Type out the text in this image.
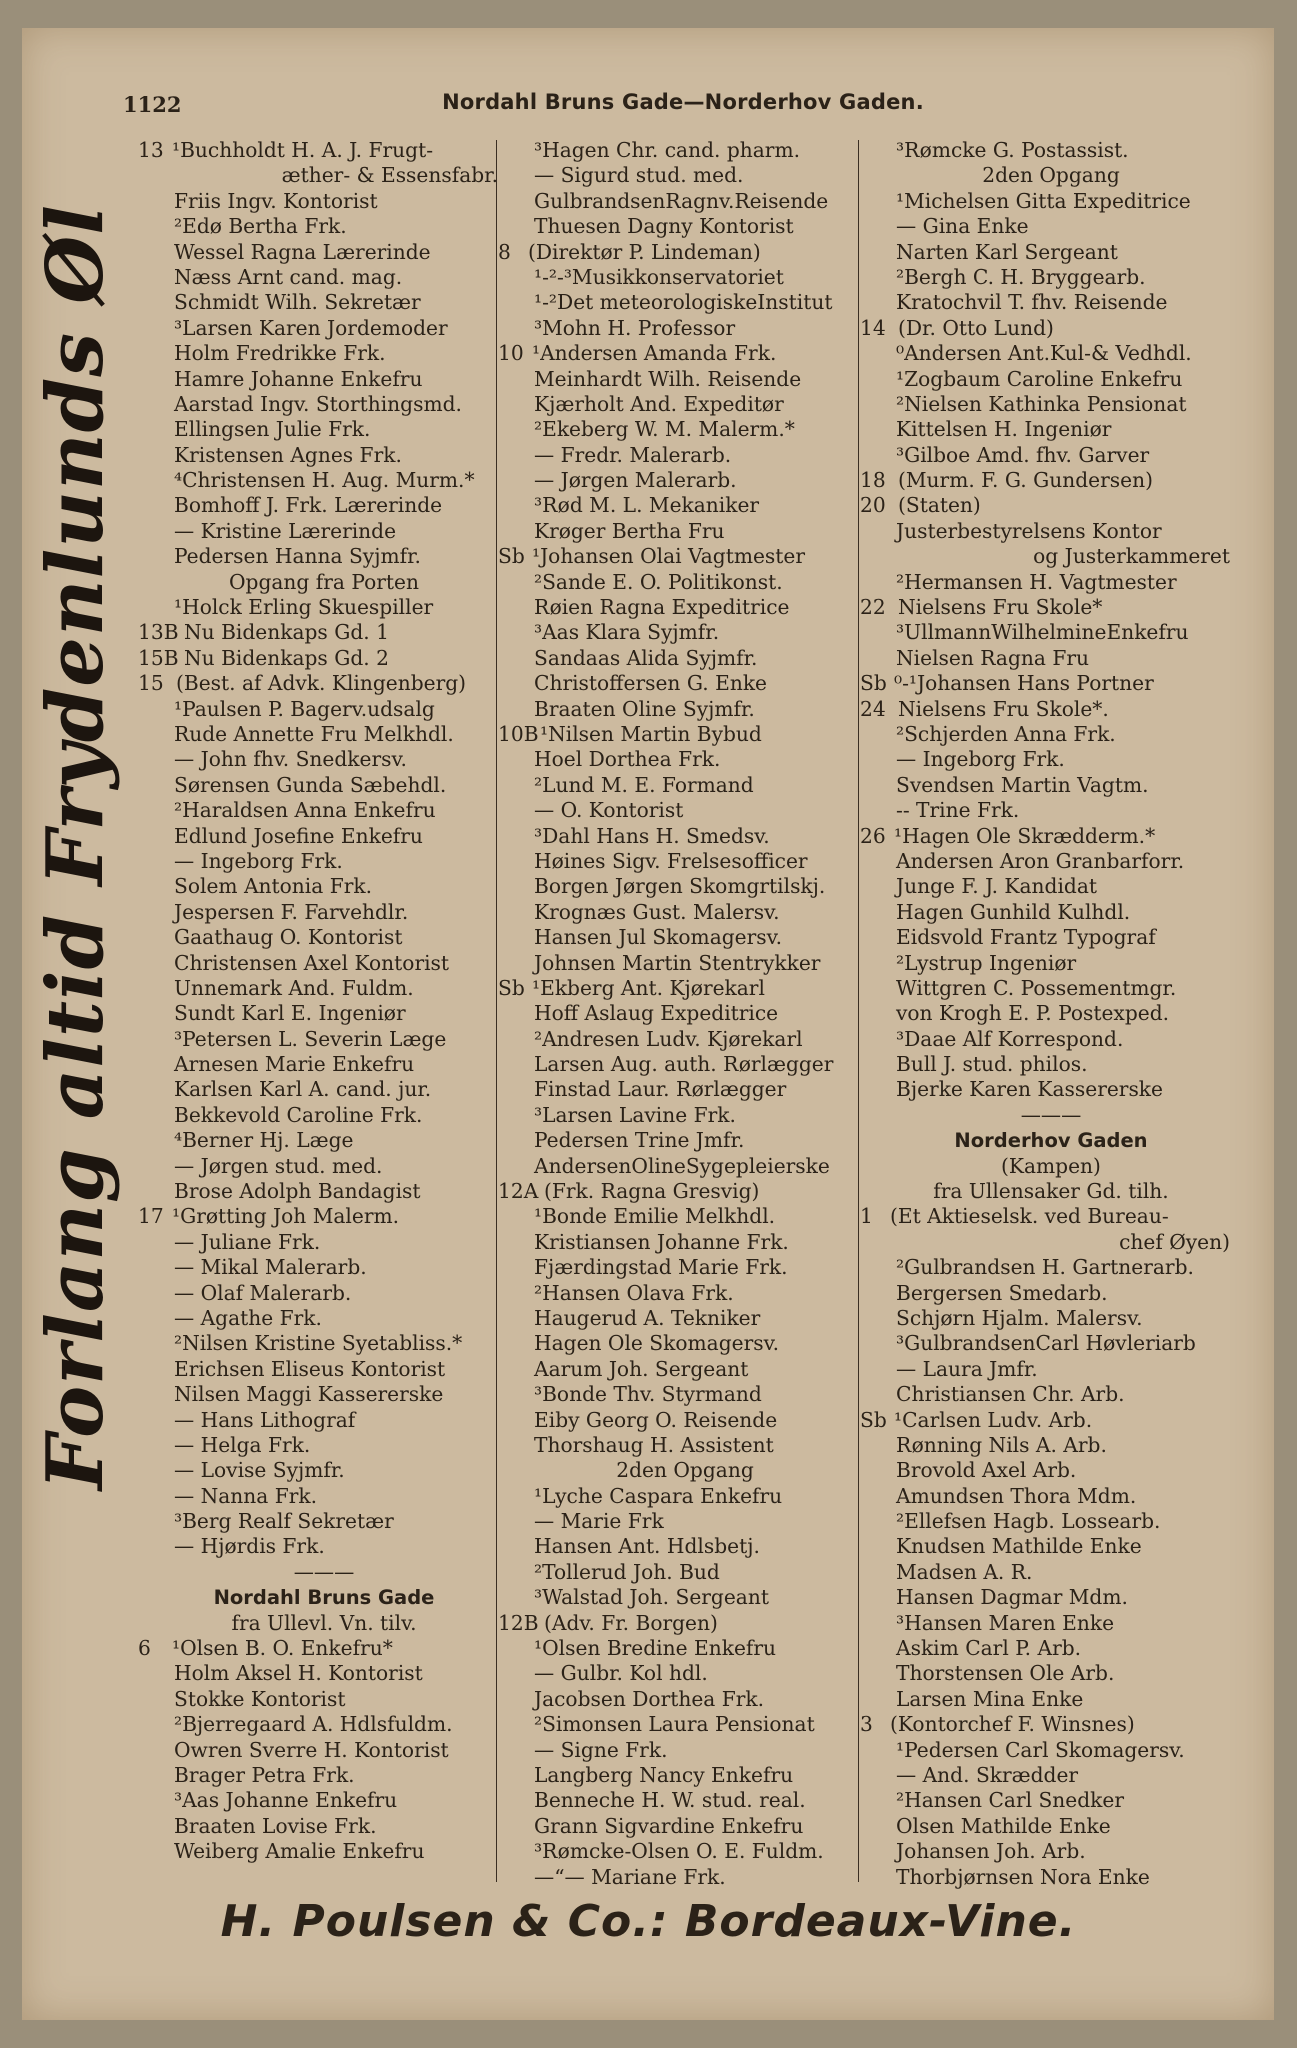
1122	Nordahl Bruns Gade—Norderhov Gaden.
Forlang altid Frydenlunds Øl
13 ¹Buchholdt H. A. J. Frugt-
æther- & Essensfabr.
Friis Ingv. Kontorist
²Edø Bertha Frk.
Wessel Ragna Lærerinde
Næss Arnt cand. mag.
Schmidt Wilh. Sekretær
³Larsen Karen Jordemoder
Holm Fredrikke Frk.
Hamre Johanne Enkefru
Aarstad Ingv. Storthingsmd.
Ellingsen Julie Frk.
Kristensen Agnes Frk.
⁴Christensen H. Aug. Murm.*
Bomhoff J. Frk. Lærerinde
— Kristine Lærerinde
Pedersen Hanna Syjmfr.
Opgang fra Porten
¹Holck Erling Skuespiller
13B Nu Bidenkaps Gd. 1
15B Nu Bidenkaps Gd. 2
15 (Best. af Advk. Klingenberg)
¹Paulsen P. Bagerv.udsalg
Rude Annette Fru Melkhdl.
— John fhv. Snedkersv.
Sørensen Gunda Sæbehdl.
²Haraldsen Anna Enkefru
Edlund Josefine Enkefru
— Ingeborg Frk.
Solem Antonia Frk.
Jespersen F. Farvehdlr.
Gaathaug O. Kontorist
Christensen Axel Kontorist
Unnemark And. Fuldm.
Sundt Karl E. Ingeniør
³Petersen L. Severin Læge
Arnesen Marie Enkefru
Karlsen Karl A. cand. jur.
Bekkevold Caroline Frk.
⁴Berner Hj. Læge
— Jørgen stud. med.
Brose Adolph Bandagist
17 ¹Grøtting Joh Malerm.
— Juliane Frk.
— Mikal Malerarb.
— Olaf Malerarb.
— Agathe Frk.
²Nilsen Kristine Syetabliss.*
Erichsen Eliseus Kontorist
Nilsen Maggi Kassererske
— Hans Lithograf
— Helga Frk.
— Lovise Syjmfr.
— Nanna Frk.
³Berg Realf Sekretær
— Hjørdis Frk.
———
Nordahl Bruns Gade
fra Ullevl. Vn. tilv.
6 ¹Olsen B. O. Enkefru*
Holm Aksel H. Kontorist
Stokke Kontorist
²Bjerregaard A. Hdlsfuldm.
Owren Sverre H. Kontorist
Brager Petra Frk.
³Aas Johanne Enkefru
Braaten Lovise Frk.
Weiberg Amalie Enkefru
³Hagen Chr. cand. pharm.
— Sigurd stud. med.
GulbrandsenRagnv.Reisende
Thuesen Dagny Kontorist
8 (Direktør P. Lindeman)
¹-²-³Musikkonservatoriet
¹-²Det meteorologiskeInstitut
³Mohn H. Professor
10 ¹Andersen Amanda Frk.
Meinhardt Wilh. Reisende
Kjærholt And. Expeditør
²Ekeberg W. M. Malerm.*
— Fredr. Malerarb.
— Jørgen Malerarb.
³Rød M. L. Mekaniker
Krøger Bertha Fru
Sb ¹Johansen Olai Vagtmester
²Sande E. O. Politikonst.
Røien Ragna Expeditrice
³Aas Klara Syjmfr.
Sandaas Alida Syjmfr.
Christoffersen G. Enke
Braaten Oline Syjmfr.
10B ¹Nilsen Martin Bybud
Hoel Dorthea Frk.
²Lund M. E. Formand
— O. Kontorist
³Dahl Hans H. Smedsv.
Høines Sigv. Frelsesofficer
Borgen Jørgen Skomgrtilskj.
Krognæs Gust. Malersv.
Hansen Jul Skomagersv.
Johnsen Martin Stentrykker
Sb ¹Ekberg Ant. Kjørekarl
Hoff Aslaug Expeditrice
²Andresen Ludv. Kjørekarl
Larsen Aug. auth. Rørlægger
Finstad Laur. Rørlægger
³Larsen Lavine Frk.
Pedersen Trine Jmfr.
AndersenOlineSygepleierske
12A (Frk. Ragna Gresvig)
¹Bonde Emilie Melkhdl.
Kristiansen Johanne Frk.
Fjærdingstad Marie Frk.
²Hansen Olava Frk.
Haugerud A. Tekniker
Hagen Ole Skomagersv.
Aarum Joh. Sergeant
³Bonde Thv. Styrmand
Eiby Georg O. Reisende
Thorshaug H. Assistent
2den Opgang
¹Lyche Caspara Enkefru
— Marie Frk
Hansen Ant. Hdlsbetj.
²Tollerud Joh. Bud
³Walstad Joh. Sergeant
12B (Adv. Fr. Borgen)
¹Olsen Bredine Enkefru
— Gulbr. Kol hdl.
Jacobsen Dorthea Frk.
²Simonsen Laura Pensionat
— Signe Frk.
Langberg Nancy Enkefru
Benneche H. W. stud. real.
Grann Sigvardine Enkefru
³Rømcke-Olsen O. E. Fuldm.
—“— Mariane Frk.
³Rømcke G. Postassist.
2den Opgang
¹Michelsen Gitta Expeditrice
— Gina Enke
Narten Karl Sergeant
²Bergh C. H. Bryggearb.
Kratochvil T. fhv. Reisende
14 (Dr. Otto Lund)
⁰Andersen Ant.Kul-& Vedhdl.
¹Zogbaum Caroline Enkefru
²Nielsen Kathinka Pensionat
Kittelsen H. Ingeniør
³Gilboe Amd. fhv. Garver
18 (Murm. F. G. Gundersen)
20 (Staten)
Justerbestyrelsens Kontor
og Justerkammeret
²Hermansen H. Vagtmester
22 Nielsens Fru Skole*
³UllmannWilhelmineEnkefru
Nielsen Ragna Fru
Sb ⁰-¹Johansen Hans Portner
24 Nielsens Fru Skole*.
²Schjerden Anna Frk.
— Ingeborg Frk.
Svendsen Martin Vagtm.
-- Trine Frk.
26 ¹Hagen Ole Skrædderm.*
Andersen Aron Granbarforr.
Junge F. J. Kandidat
Hagen Gunhild Kulhdl.
Eidsvold Frantz Typograf
²Lystrup Ingeniør
Wittgren C. Possementmgr.
von Krogh E. P. Postexped.
³Daae Alf Korrespond.
Bull J. stud. philos.
Bjerke Karen Kassererske
———
Norderhov Gaden
(Kampen)
fra Ullensaker Gd. tilh.
1 (Et Aktieselsk. ved Bureau-
chef Øyen)
²Gulbrandsen H. Gartnerarb.
Bergersen Smedarb.
Schjørn Hjalm. Malersv.
³GulbrandsenCarl Høvleriarb
— Laura Jmfr.
Christiansen Chr. Arb.
Sb ¹Carlsen Ludv. Arb.
Rønning Nils A. Arb.
Brovold Axel Arb.
Amundsen Thora Mdm.
²Ellefsen Hagb. Lossearb.
Knudsen Mathilde Enke
Madsen A. R.
Hansen Dagmar Mdm.
³Hansen Maren Enke
Askim Carl P. Arb.
Thorstensen Ole Arb.
Larsen Mina Enke
3 (Kontorchef F. Winsnes)
¹Pedersen Carl Skomagersv.
— And. Skrædder
²Hansen Carl Snedker
Olsen Mathilde Enke
Johansen Joh. Arb.
Thorbjørnsen Nora Enke
H. Poulsen & Co.: Bordeaux-Vine.
